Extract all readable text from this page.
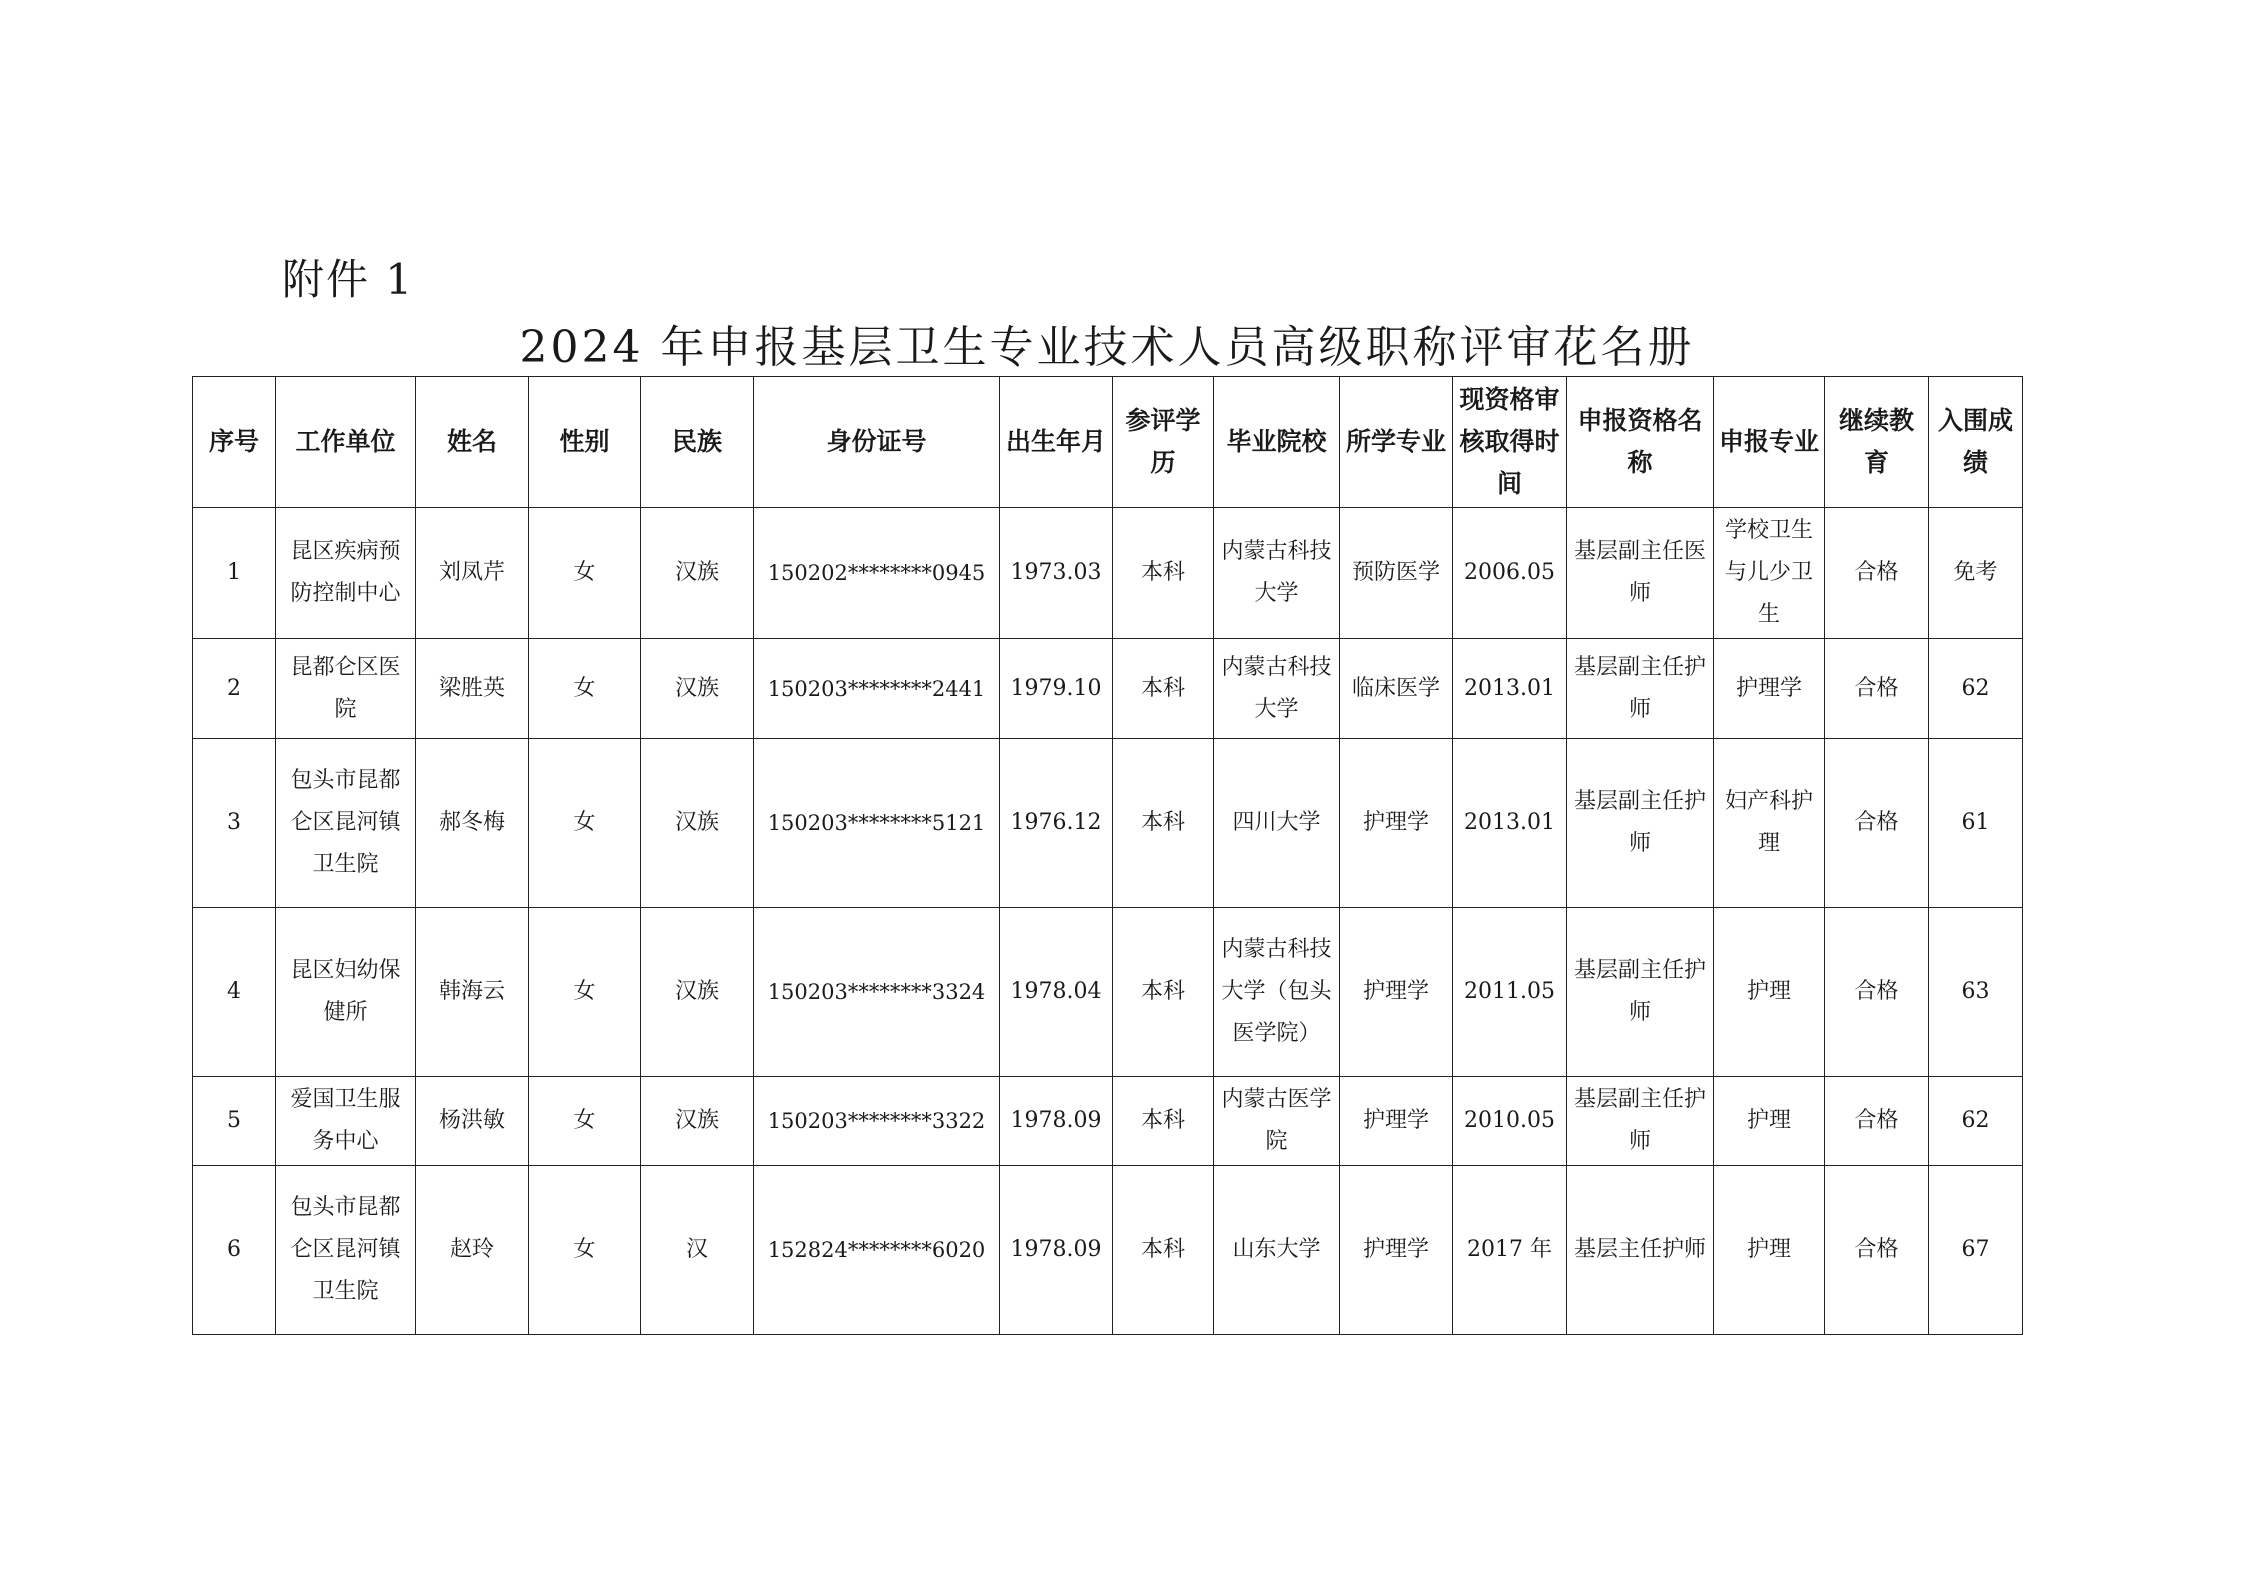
附件 1
2024 年申报基层卫生专业技术人员高级职称评审花名册
序号	工作单位	姓名	性别	民族	身份证号	出生年月	参评学历	毕业院校	所学专业	现资格审核取得时间	申报资格名称	申报专业	继续教育	入围成绩
1	昆区疾病预防控制中心	刘凤芹	女	汉族	150202********0945	1973.03	本科	内蒙古科技大学	预防医学	2006.05	基层副主任医师	学校卫生与儿少卫生	合格	免考
2	昆都仑区医院	梁胜英	女	汉族	150203********2441	1979.10	本科	内蒙古科技大学	临床医学	2013.01	基层副主任护师	护理学	合格	62
3	包头市昆都仑区昆河镇卫生院	郝冬梅	女	汉族	150203********5121	1976.12	本科	四川大学	护理学	2013.01	基层副主任护师	妇产科护理	合格	61
4	昆区妇幼保健所	韩海云	女	汉族	150203********3324	1978.04	本科	内蒙古科技大学（包头医学院）	护理学	2011.05	基层副主任护师	护理	合格	63
5	爱国卫生服务中心	杨洪敏	女	汉族	150203********3322	1978.09	本科	内蒙古医学院	护理学	2010.05	基层副主任护师	护理	合格	62
6	包头市昆都仑区昆河镇卫生院	赵玲	女	汉	152824********6020	1978.09	本科	山东大学	护理学	2017 年	基层主任护师	护理	合格	67
